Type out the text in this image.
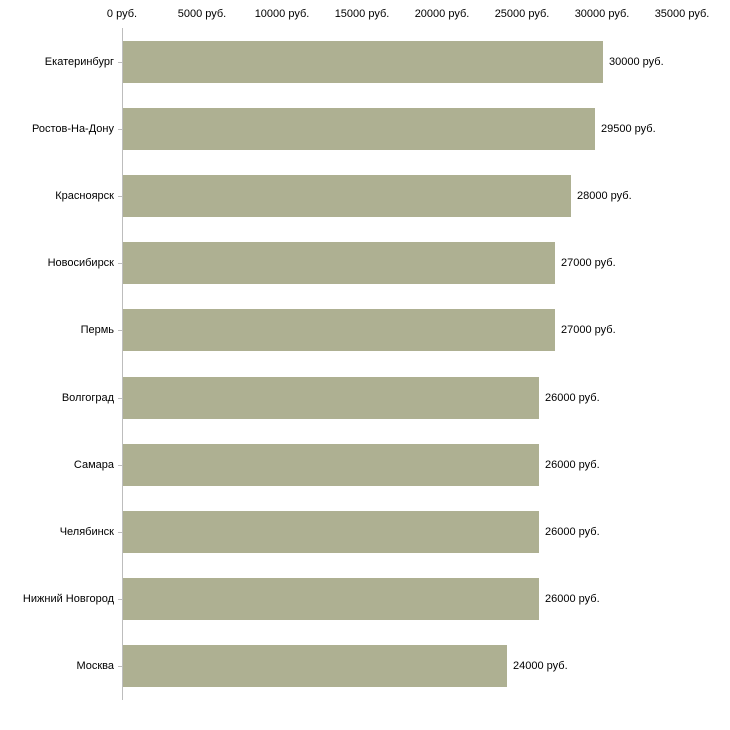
0 руб.	5000 руб.	10000 руб. 15000 руб. 20000 руб. 25000 руб. 30000 руб. 35000 руб.
Екатеринбург
Ростов-На-Дону
Красноярск
Новосибирск
Пермь
Волгоград
Самара
Челябинск
Нижний Новгород
Москва
30000 руб.
29500 руб.
28000 руб.
27000 руб.
27000 руб.
26000 руб.
26000 руб.
26000 руб.
26000 руб.
24000 руб.
